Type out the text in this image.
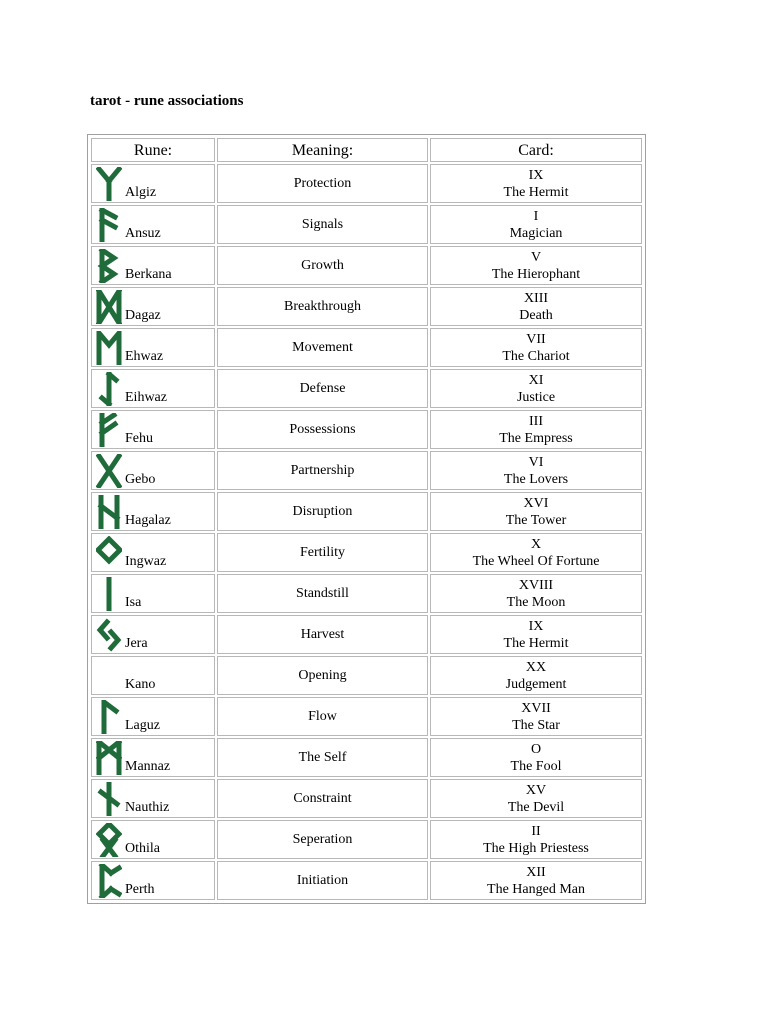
tarot - rune associations
Rune:	Meaning:	Card:

Algiz	Protection	IX
The Hermit

Ansuz	Signals	I
Magician

Berkana	Growth	V
The Hierophant

Dagaz	Breakthrough	XIII
Death

Ehwaz	Movement	VII
The Chariot

Eihwaz	Defense	XI
Justice

Fehu	Possessions	III
The Empress

Gebo	Partnership	VI
The Lovers

Hagalaz	Disruption	XVI
The Tower

Ingwaz	Fertility	X
The Wheel Of Fortune

Isa	Standstill	XVIII
The Moon

Jera	Harvest	IX
The Hermit

Kano	Opening	XX
Judgement

Laguz	Flow	XVII
The Star

Mannaz	The Self	O
The Fool

Nauthiz	Constraint	XV
The Devil

Othila	Seperation	II
The High Priestess

Perth	Initiation	XII
The Hanged Man
